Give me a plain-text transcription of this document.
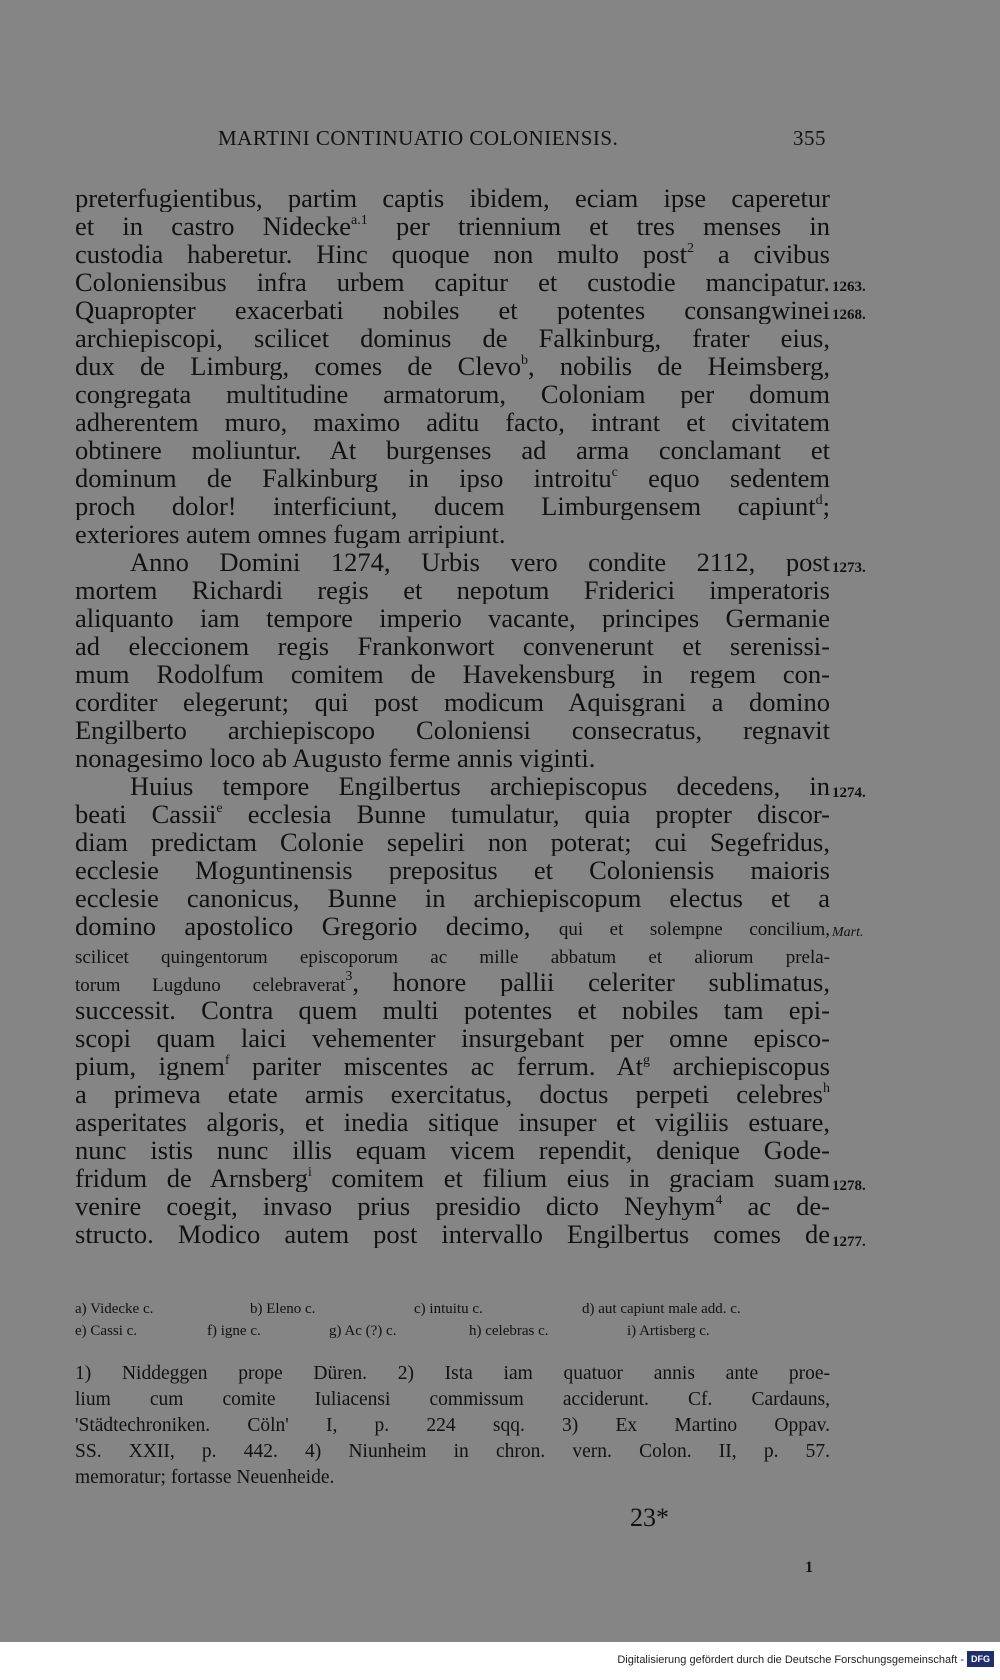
MARTINI CONTINUATIO COLONIENSIS.	355
preterfugientibus, partim captis ibidem, eciam ipse caperetur
et in castro Nidecke$^{a.1}$ per triennium et tres menses in
custodia haberetur. Hinc quoque non multo post$^2$ a civibus
Coloniensibus infra urbem capitur et custodie mancipatur.
Quapropter exacerbati nobiles et potentes consangwinei
archiepiscopi, scilicet dominus de Falkinburg, frater eius,
dux de Limburg, comes de Clevo$^b$, nobilis de Heimsberg,
congregata multitudine armatorum, Coloniam per domum
adherentem muro, maximo aditu facto, intrant et civitatem
obtinere moliuntur. At burgenses ad arma conclamant et
dominum de Falkinburg in ipso introitu$^c$ equo sedentem
proch dolor! interficiunt, ducem Limburgensem capiunt$^d$;
exteriores autem omnes fugam arripiunt.
Anno Domini 1274, Urbis vero condite 2112, post
mortem Richardi regis et nepotum Friderici imperatoris
aliquanto iam tempore imperio vacante, principes Germanie
ad eleccionem regis Frankonwort convenerunt et serenissi-
mum Rodolfum comitem de Havekensburg in regem con-
corditer elegerunt; qui post modicum Aquisgrani a domino
Engilberto archiepiscopo Coloniensi consecratus, regnavit
nonagesimo loco ab Augusto ferme annis viginti.
Huius tempore Engilbertus archiepiscopus decedens, in
beati Cassii$^e$ ecclesia Bunne tumulatur, quia propter discor-
diam predictam Colonie sepeliri non poterat; cui Segefridus,
ecclesie Moguntinensis prepositus et Coloniensis maioris
ecclesie canonicus, Bunne in archiepiscopum electus et a
domino apostolico Gregorio decimo, qui et solempne concilium,
scilicet quingentorum episcoporum ac mille abbatum et aliorum prela-
torum Lugduno celebraverat$^3$, honore pallii celeriter sublimatus,
successit. Contra quem multi potentes et nobiles tam epi-
scopi quam laici vehementer insurgebant per omne episco-
pium, ignem$^f$ pariter miscentes ac ferrum. At$^g$ archiepiscopus
a primeva etate armis exercitatus, doctus perpeti celebres$^h$
asperitates algoris, et inedia sitique insuper et vigiliis estuare,
nunc istis nunc illis equam vicem rependit, denique Gode-
fridum de Arnsberg$^i$ comitem et filium eius in graciam suam
venire coegit, invaso prius presidio dicto Neyhym$^4$ ac de-
structo. Modico autem post intervallo Engilbertus comes de
1263.
1268.
1273.
1274.
Mart.
1278.
1277.
a) Videcke c.	b) Eleno c.	c) intuitu c.	d) aut capiunt male add. c.
e) Cassi c.	f) igne c.	g) Ac (?) c.	h) celebras c.	i) Artisberg c.
1) Niddeggen prope Düren. 2) Ista iam quatuor annis ante proe-
lium cum comite Iuliacensi commissum acciderunt. Cf. Cardauns,
'Städtechroniken. Cöln' I, p. 224 sqq. 3) Ex Martino Oppav.
SS. XXII, p. 442. 4) Niunheim in chron. vern. Colon. II, p. 57.
memoratur; fortasse Neuenheide.
23*
1
Digitalisierung gefördert durch die Deutsche Forschungsgemeinschaft - DFG
